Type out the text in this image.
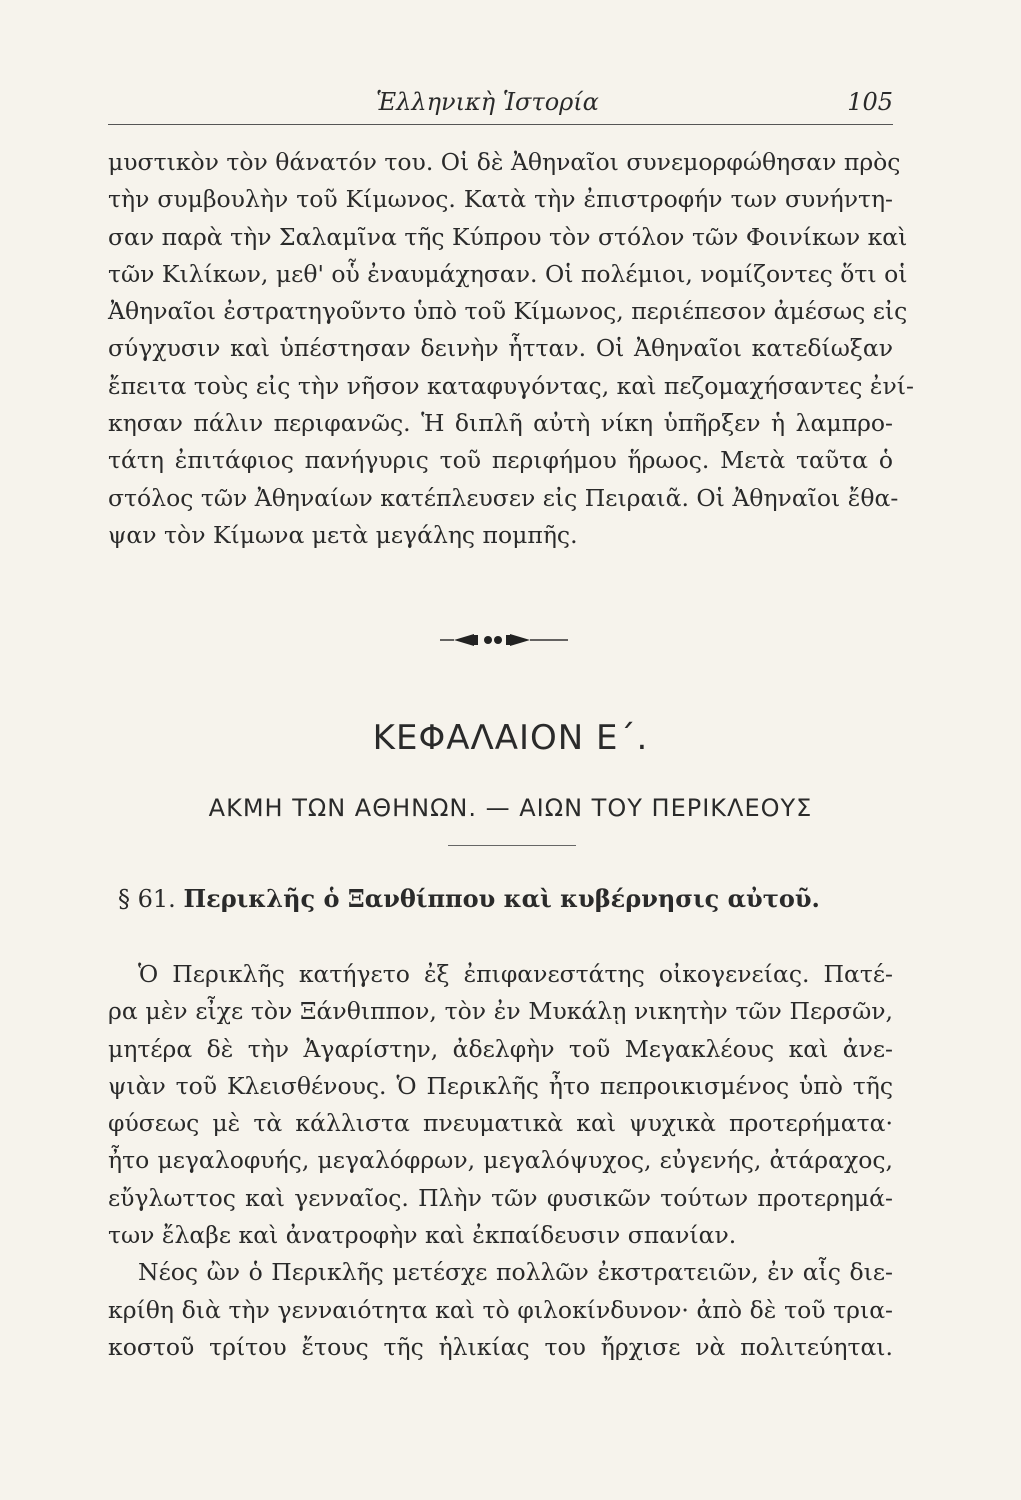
Ἑλληνικὴ Ἱστορία	105
μυστικὸν τὸν θάνατόν του. Οἱ δὲ Ἀθηναῖοι συνεμορφώθησαν πρὸς
τὴν συμβουλὴν τοῦ Κίμωνος. Κατὰ τὴν ἐπιστροφήν των συνήντη-
σαν παρὰ τὴν Σαλαμῖνα τῆς Κύπρου τὸν στόλον τῶν Φοινίκων καὶ
τῶν Κιλίκων, μεθ' οὗ ἐναυμάχησαν. Οἱ πολέμιοι, νομίζοντες ὅτι οἱ
Ἀθηναῖοι ἐστρατηγοῦντο ὑπὸ τοῦ Κίμωνος, περιέπεσον ἀμέσως εἰς
σύγχυσιν καὶ ὑπέστησαν δεινὴν ἧτταν. Οἱ Ἀθηναῖοι κατεδίωξαν
ἔπειτα τοὺς εἰς τὴν νῆσον καταφυγόντας, καὶ πεζομαχήσαντες ἐνί-
κησαν πάλιν περιφανῶς. Ἡ διπλῆ αὐτὴ νίκη ὑπῆρξεν ἡ λαμπρο-
τάτη ἐπιτάφιος πανήγυρις τοῦ περιφήμου ἥρωος. Μετὰ ταῦτα ὁ
στόλος τῶν Ἀθηναίων κατέπλευσεν εἰς Πειραιᾶ. Οἱ Ἀθηναῖοι ἔθα-
ψαν τὸν Κίμωνα μετὰ μεγάλης πομπῆς.
ΚΕΦΑΛΑΙΟΝ Ε΄.
ΑΚΜΗ ΤΩΝ ΑΘΗΝΩΝ. — ΑΙΩΝ ΤΟΥ ΠΕΡΙΚΛΕΟΥΣ
§ 61. Περικλῆς ὁ Ξανθίππου καὶ κυβέρνησις αὐτοῦ.
Ὁ Περικλῆς κατήγετο ἐξ ἐπιφανεστάτης οἰκογενείας. Πατέ-
ρα μὲν εἶχε τὸν Ξάνθιππον, τὸν ἐν Μυκάλῃ νικητὴν τῶν Περσῶν,
μητέρα δὲ τὴν Ἀγαρίστην, ἀδελφὴν τοῦ Μεγακλέους καὶ ἀνε-
ψιὰν τοῦ Κλεισθένους. Ὁ Περικλῆς ἦτο πεπροικισμένος ὑπὸ τῆς
φύσεως μὲ τὰ κάλλιστα πνευματικὰ καὶ ψυχικὰ προτερήματα·
ἦτο μεγαλοφυής, μεγαλόφρων, μεγαλόψυχος, εὐγενής, ἀτάραχος,
εὔγλωττος καὶ γενναῖος. Πλὴν τῶν φυσικῶν τούτων προτερημά-
των ἔλαβε καὶ ἀνατροφὴν καὶ ἐκπαίδευσιν σπανίαν.
Νέος ὢν ὁ Περικλῆς μετέσχε πολλῶν ἐκστρατειῶν, ἐν αἷς διε-
κρίθη διὰ τὴν γενναιότητα καὶ τὸ φιλοκίνδυνον· ἀπὸ δὲ τοῦ τρια-
κοστοῦ τρίτου ἔτους τῆς ἡλικίας του ἤρχισε νὰ πολιτεύηται.
